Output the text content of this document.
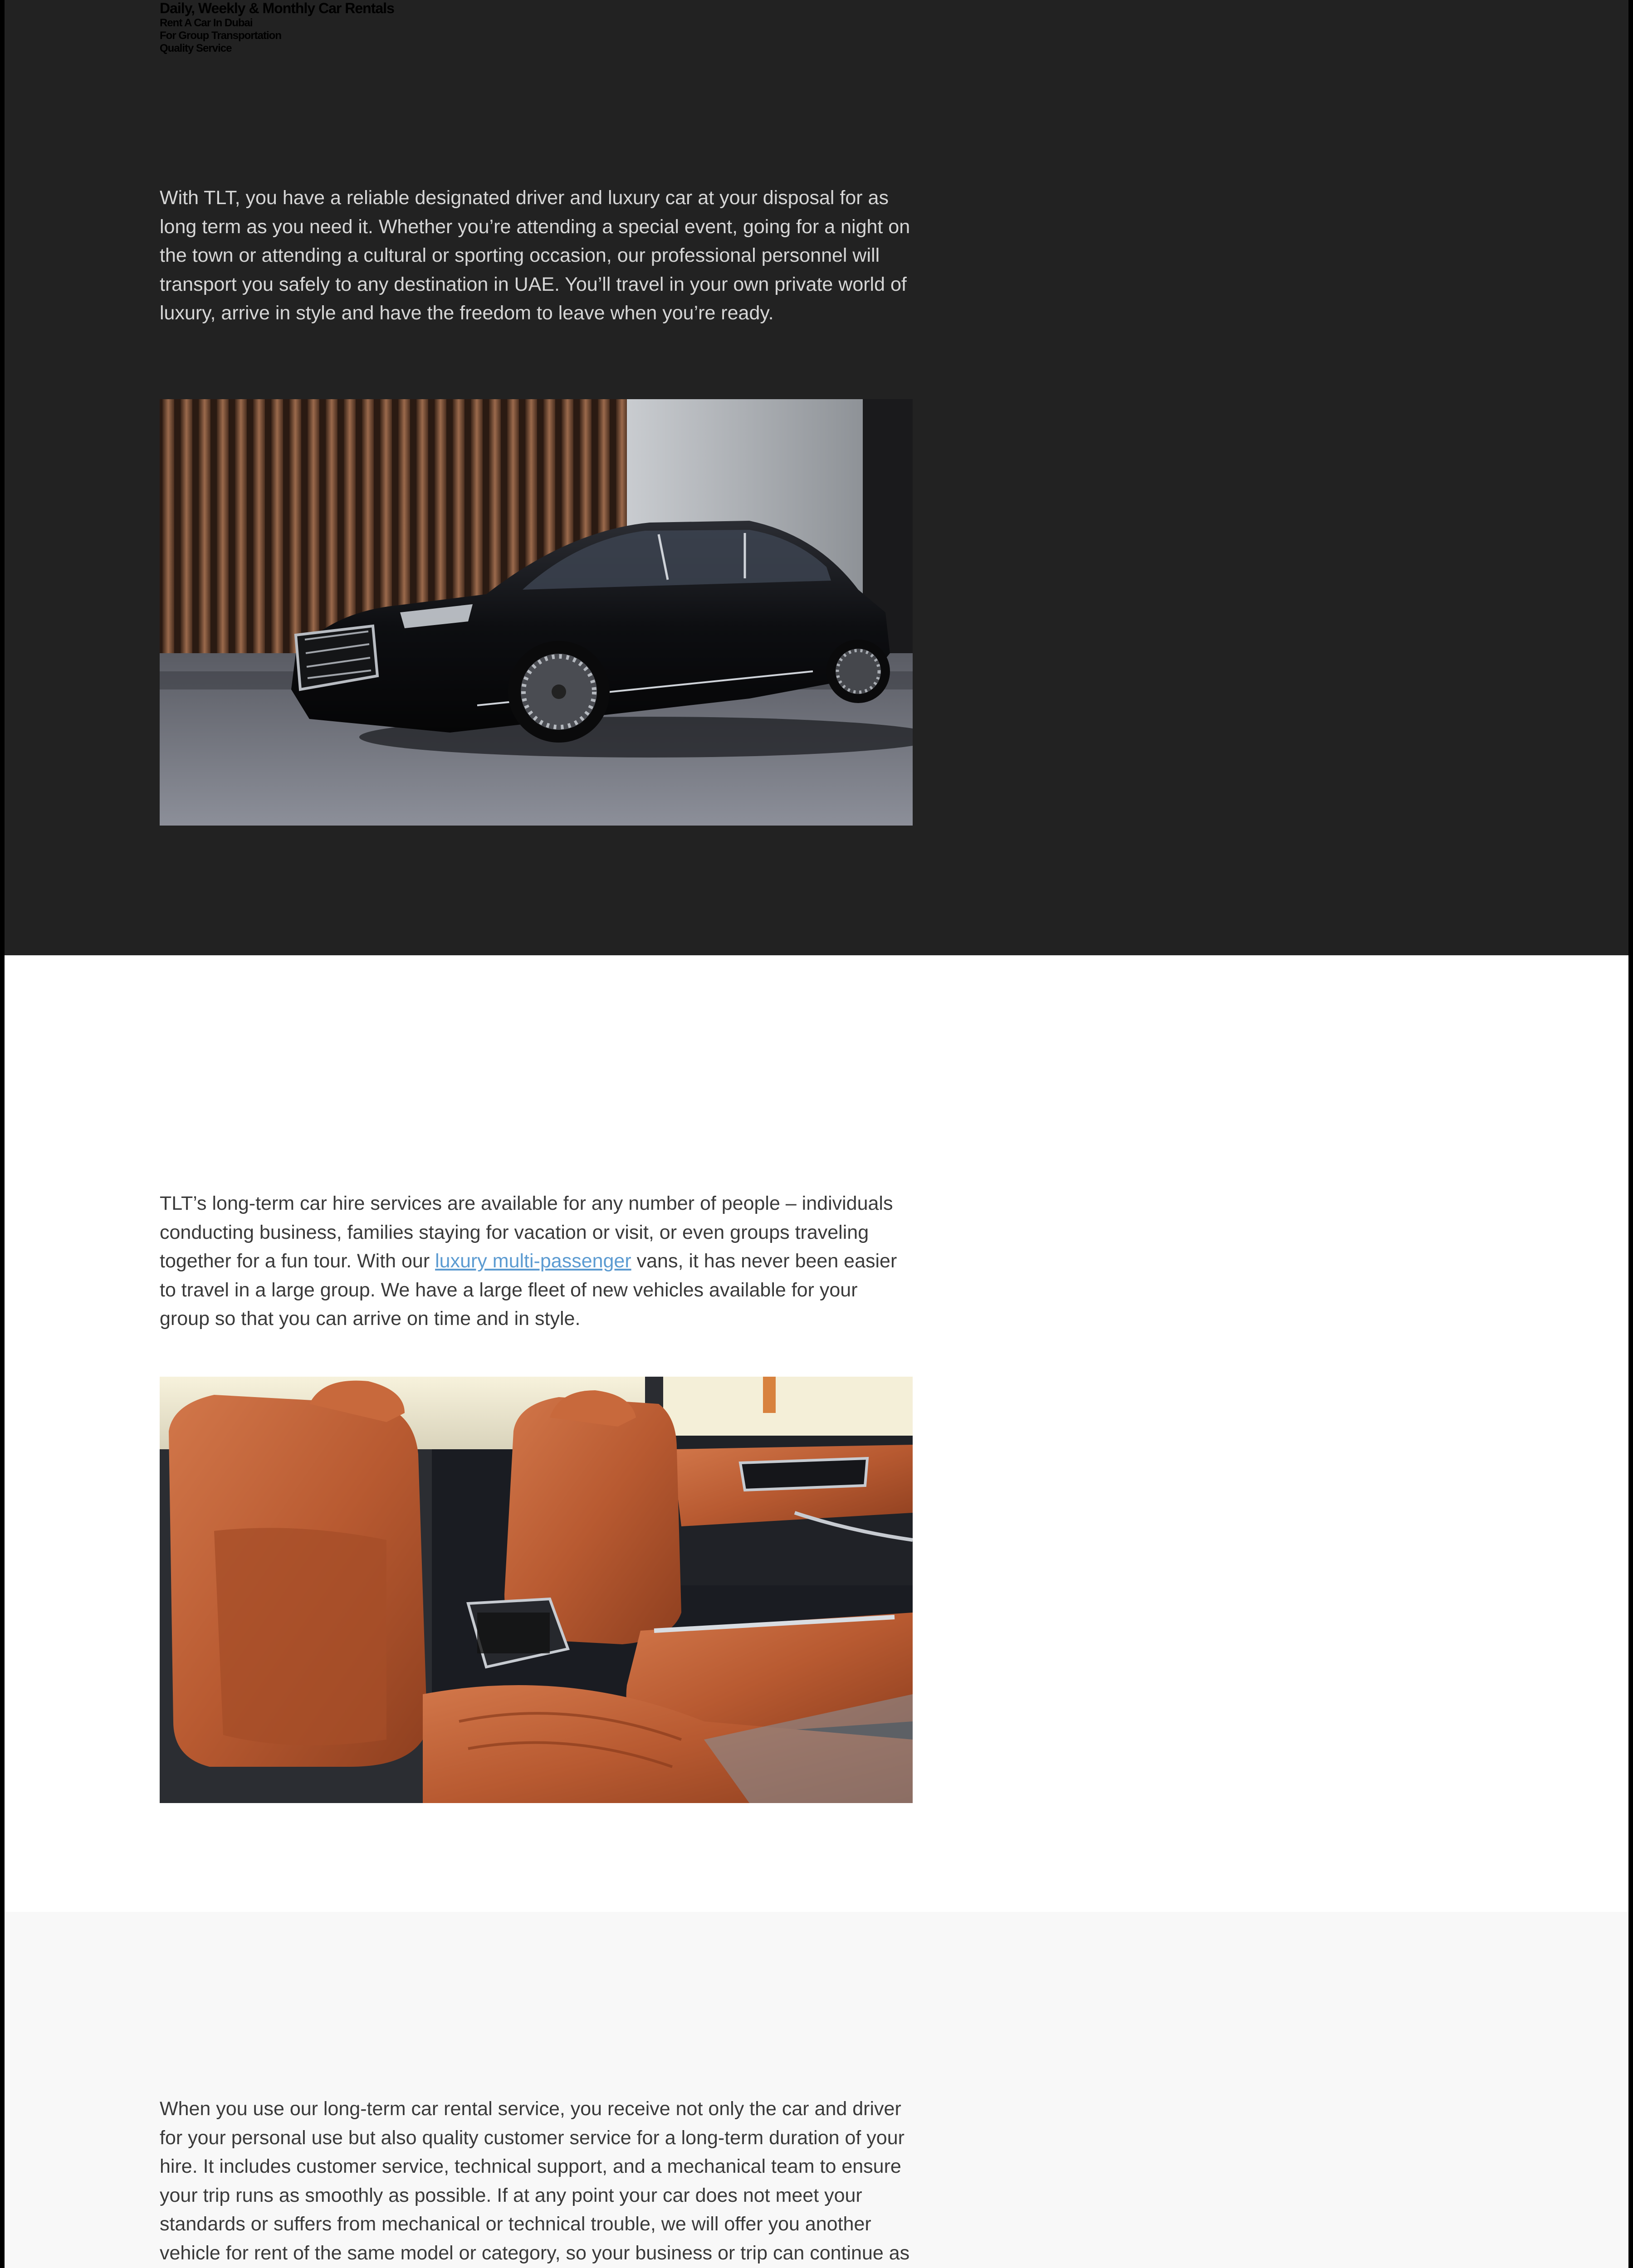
Daily, Weekly & Monthly Car Rentals

With TLT, you have a reliable designated driver and luxury car at your disposal for as long term as you need it. Whether you’re attending a special event, going for a night on the town or attending a cultural or sporting occasion, our professional personnel will transport you safely to any destination in UAE. You’ll travel in your own private world of luxury, arrive in style and have the freedom to leave when you’re ready.

Rent A Car In Dubai
For Group Transportation

TLT’s long-term car hire services are available for any number of people – individuals conducting business, families staying for vacation or visit, or even groups traveling together for a fun tour. With our luxury multi-passenger vans, it has never been easier to travel in a large group. We have a large fleet of new vehicles available for your group so that you can arrive on time and in style.

Quality Service

When you use our long-term car rental service, you receive not only the car and driver for your personal use but also quality customer service for a long-term duration of your hire. It includes customer service, technical support, and a mechanical team to ensure your trip runs as smoothly as possible. If at any point your car does not meet your standards or suffers from mechanical or technical trouble, we will offer you another vehicle for rent of the same model or category, so your business or trip can continue as
